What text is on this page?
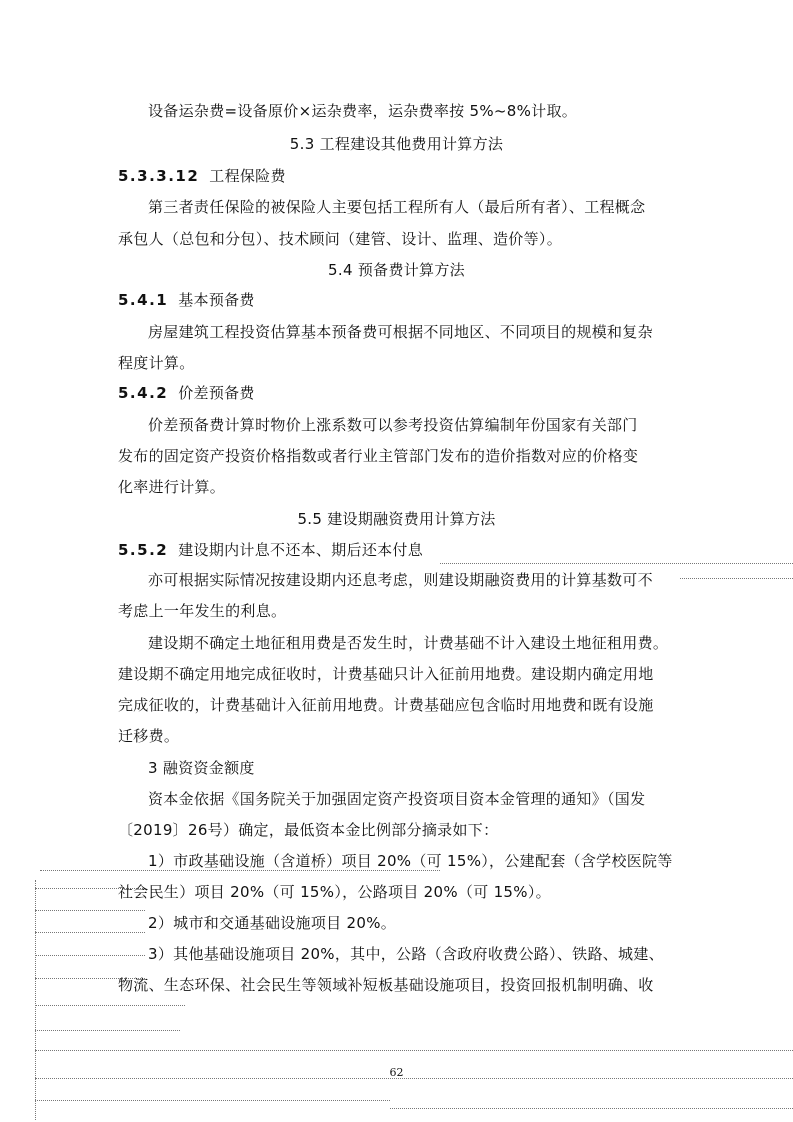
设备运杂费=设备原价×运杂费率，运杂费率按 5%~8%计取。
5.3 工程建设其他费用计算方法
5.3.3.12 工程保险费
第三者责任保险的被保险人主要包括工程所有人（最后所有者）、工程概念
承包人（总包和分包）、技术顾问（建管、设计、监理、造价等）。
5.4 预备费计算方法
5.4.1 基本预备费
房屋建筑工程投资估算基本预备费可根据不同地区、不同项目的规模和复杂
程度计算。
5.4.2 价差预备费
价差预备费计算时物价上涨系数可以参考投资估算编制年份国家有关部门
发布的固定资产投资价格指数或者行业主管部门发布的造价指数对应的价格变
化率进行计算。
5.5 建设期融资费用计算方法
5.5.2 建设期内计息不还本、期后还本付息
亦可根据实际情况按建设期内还息考虑，则建设期融资费用的计算基数可不
考虑上一年发生的利息。
建设期不确定土地征租用费是否发生时，计费基础不计入建设土地征租用费。
建设期不确定用地完成征收时，计费基础只计入征前用地费。建设期内确定用地
完成征收的，计费基础计入征前用地费。计费基础应包含临时用地费和既有设施
迁移费。
3 融资资金额度
资本金依据《国务院关于加强固定资产投资项目资本金管理的通知》（国发
〔2019〕26号）确定，最低资本金比例部分摘录如下：
1）市政基础设施（含道桥）项目 20%（可 15%），公建配套（含学校医院等
社会民生）项目 20%（可 15%），公路项目 20%（可 15%）。
2）城市和交通基础设施项目 20%。
3）其他基础设施项目 20%，其中，公路（含政府收费公路）、铁路、城建、
物流、生态环保、社会民生等领域补短板基础设施项目，投资回报机制明确、收
62
